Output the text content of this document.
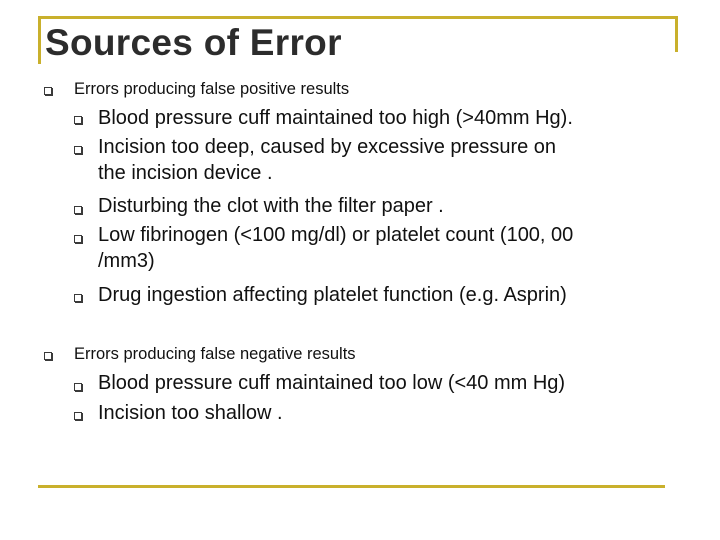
Sources of Error
Errors producing false positive results
Blood pressure cuff maintained too high (>40mm Hg).
Incision too deep, caused by excessive pressure on
the incision device .
Disturbing the clot with the filter paper .
Low fibrinogen (<100 mg/dl) or platelet count (100, 00
/mm3)
Drug ingestion affecting platelet function (e.g. Asprin)
Errors producing false negative results
Blood pressure cuff maintained too low (<40 mm Hg)
Incision too shallow .
